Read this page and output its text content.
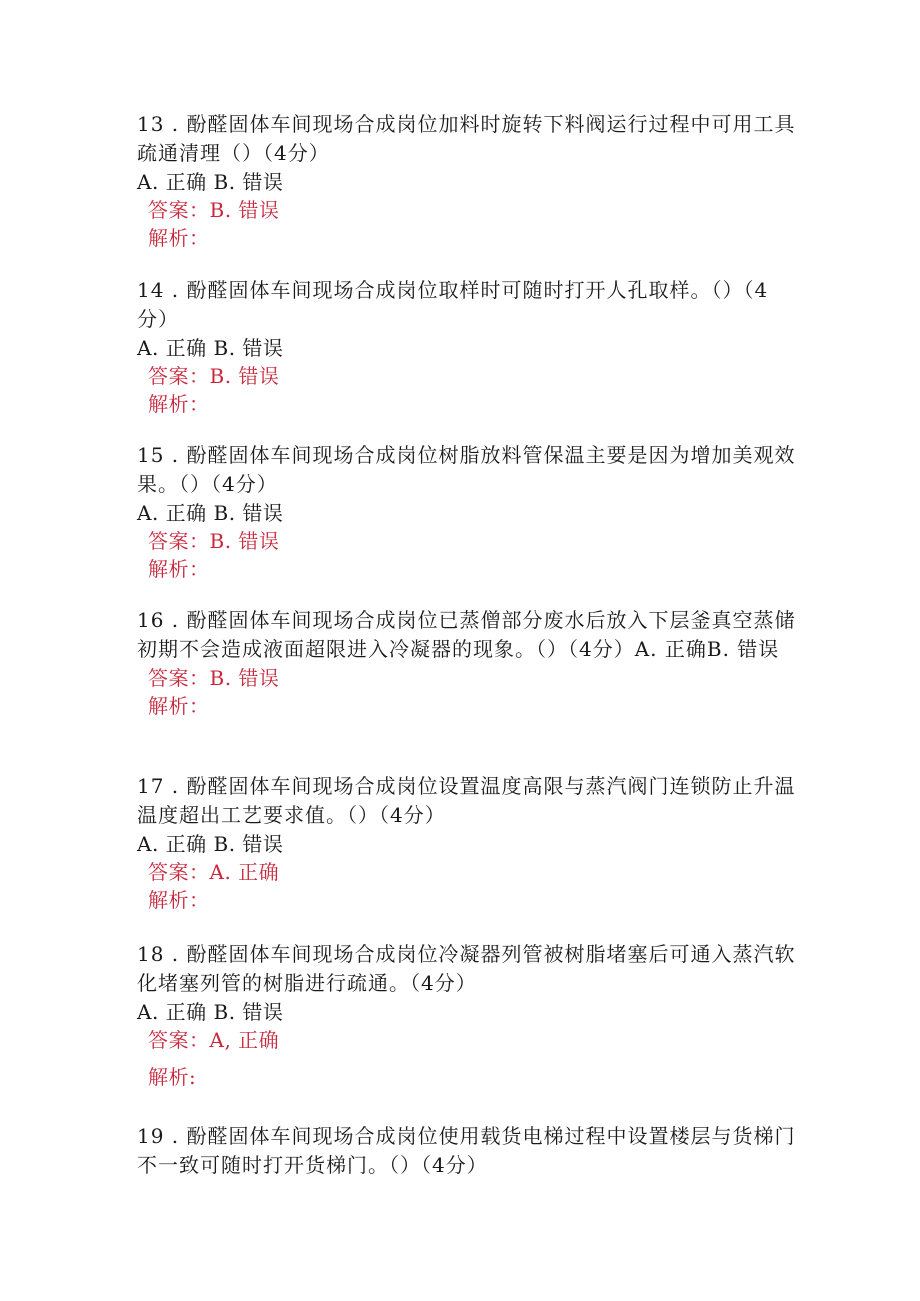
13 . 酚醛固体车间现场合成岗位加料时旋转下料阀运行过程中可用工具疏通清理（）（4分）

A. 正确 B. 错误

答案：B. 错误

解析：

14 . 酚醛固体车间现场合成岗位取样时可随时打开人孔取样。（）（4分）

A. 正确 B. 错误

答案：B. 错误

解析：

15 . 酚醛固体车间现场合成岗位树脂放料管保温主要是因为增加美观效果。（）（4分）

A. 正确 B. 错误

答案：B. 错误

解析：

16 . 酚醛固体车间现场合成岗位已蒸僧部分废水后放入下层釜真空蒸储初期不会造成液面超限进入冷凝器的现象。（）（4分）A. 正确B. 错误

答案：B. 错误

解析：

17 . 酚醛固体车间现场合成岗位设置温度高限与蒸汽阀门连锁防止升温温度超出工艺要求值。（）（4分）

A. 正确 B. 错误

答案：A. 正确

解析：

18 . 酚醛固体车间现场合成岗位冷凝器列管被树脂堵塞后可通入蒸汽软化堵塞列管的树脂进行疏通。（4分）

A. 正确 B. 错误

答案：A, 正确

解析:

19 . 酚醛固体车间现场合成岗位使用载货电梯过程中设置楼层与货梯门不一致可随时打开货梯门。（）（4分）
